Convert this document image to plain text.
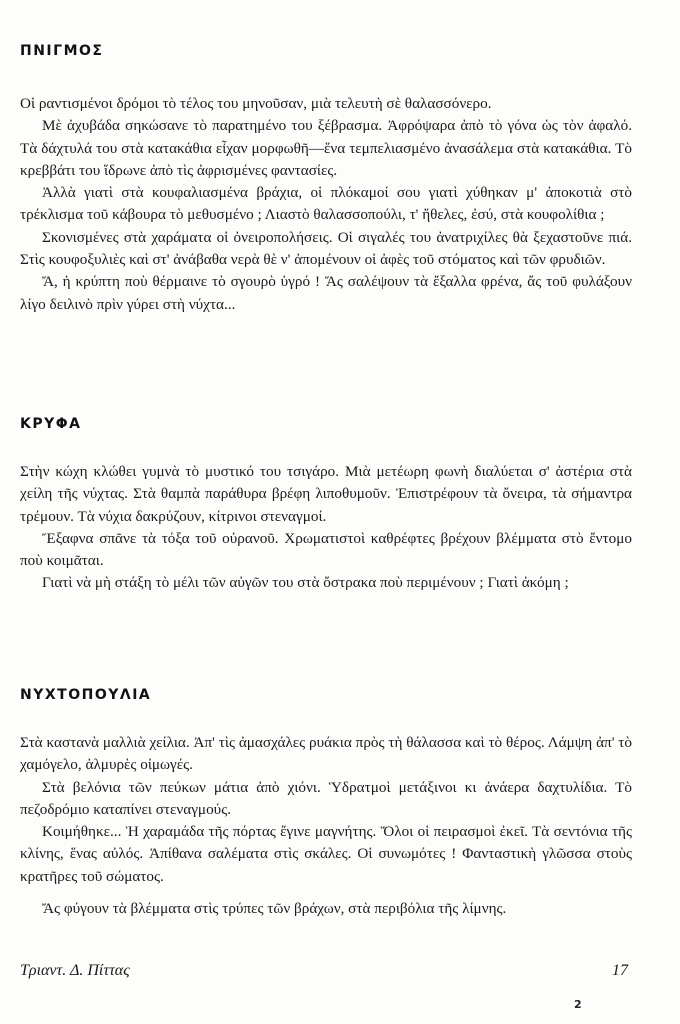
ΠΝΙΓΜΟΣ

Οἱ ραντισμένοι δρόμοι τὸ τέλος του μηνοῦσαν, μιὰ τελευτὴ σὲ θαλασσόνερο.

Μὲ ἀχυβάδα σηκώσανε τὸ παρατημένο του ξέβρασμα. Ἀφρόψαρα ἀπὸ τὸ γόνα ὡς τὸν ἀφαλό. Τὰ δάχτυλά του στὰ κατακάθια εἶχαν μορφωθῆ—ἕνα τεμπελιασμένο ἀνασάλεμα στὰ κατακάθια. Τὸ κρεββάτι του ἵδρωνε ἀπὸ τὶς ἀφρισμένες φαντασίες.

Ἀλλὰ γιατὶ στὰ κουφαλιασμένα βράχια, οἱ πλόκαμοί σου γιατὶ χύθηκαν μ' ἀποκοτιὰ στὸ τρέκλισμα τοῦ κάβουρα τὸ μεθυσμένο ; Λιαστὸ θαλασσοπούλι, τ' ἤθελες, ἐσύ, στὰ κουφολίθια ;

Σκονισμένες στὰ χαράματα οἱ ὀνειροπολήσεις. Οἱ σιγαλές του ἀνατριχίλες θὰ ξεχαστοῦνε πιά. Στὶς κουφοξυλιὲς καὶ στ' ἀνάβαθα νερὰ θὲ ν' ἀπομένουν οἱ ἀφὲς τοῦ στόματος καὶ τῶν φρυδιῶν.

Ἄ, ἡ κρύπτη ποὺ θέρμαινε τὸ σγουρὸ ὑγρό ! Ἄς σαλέψουν τὰ ἔξαλλα φρένα, ἄς τοῦ φυλάξουν λίγο δειλινὸ πρὶν γύρει στὴ νύχτα...

ΚΡΥΦΑ

Στὴν κώχη κλώθει γυμνὰ τὸ μυστικό του τσιγάρο. Μιὰ μετέωρη φωνὴ διαλύεται σ' ἀστέρια στὰ χείλη τῆς νύχτας. Στὰ θαμπὰ παράθυρα βρέφη λιποθυμοῦν. Ἐπιστρέφουν τὰ ὄνειρα, τὰ σήμαντρα τρέμουν. Τὰ νύχια δακρύζουν, κίτρινοι στεναγμοί.

Ἔξαφνα σπᾶνε τὰ τόξα τοῦ οὐρανοῦ. Χρωματιστοὶ καθρέφτες βρέχουν βλέμματα στὸ ἔντομο ποὺ κοιμᾶται.

Γιατὶ νὰ μὴ στάξη τὸ μέλι τῶν αὐγῶν του στὰ ὄστρακα ποὺ περιμένουν ; Γιατὶ ἀκόμη ;

ΝΥΧΤΟΠΟΥΛΙΑ

Στὰ καστανὰ μαλλιὰ χείλια. Ἀπ' τὶς ἀμασχάλες ρυάκια πρὸς τὴ θάλασσα καὶ τὸ θέρος. Λάμψη ἀπ' τὸ χαμόγελο, ἁλμυρὲς οἰμωγές.

Στὰ βελόνια τῶν πεύκων μάτια ἀπὸ χιόνι. Ὑδρατμοὶ μετάξινοι κι ἀνάερα δαχτυλίδια. Τὸ πεζοδρόμιο καταπίνει στεναγμούς.

Κοιμήθηκε... Ἡ χαραμάδα τῆς πόρτας ἔγινε μαγνήτης. Ὅλοι οἱ πειρασμοὶ ἐκεῖ. Τὰ σεντόνια τῆς κλίνης, ἕνας αὐλός. Ἀπίθανα σαλέματα στὶς σκάλες. Οἱ συνωμότες ! Φανταστικὴ γλῶσσα στοὺς κρατῆρες τοῦ σώματος.

Ἄς φύγουν τὰ βλέμματα στὶς τρύπες τῶν βράχων, στὰ περιβόλια τῆς λίμνης.

Τριαντ. Δ. Πίττας	17
2
